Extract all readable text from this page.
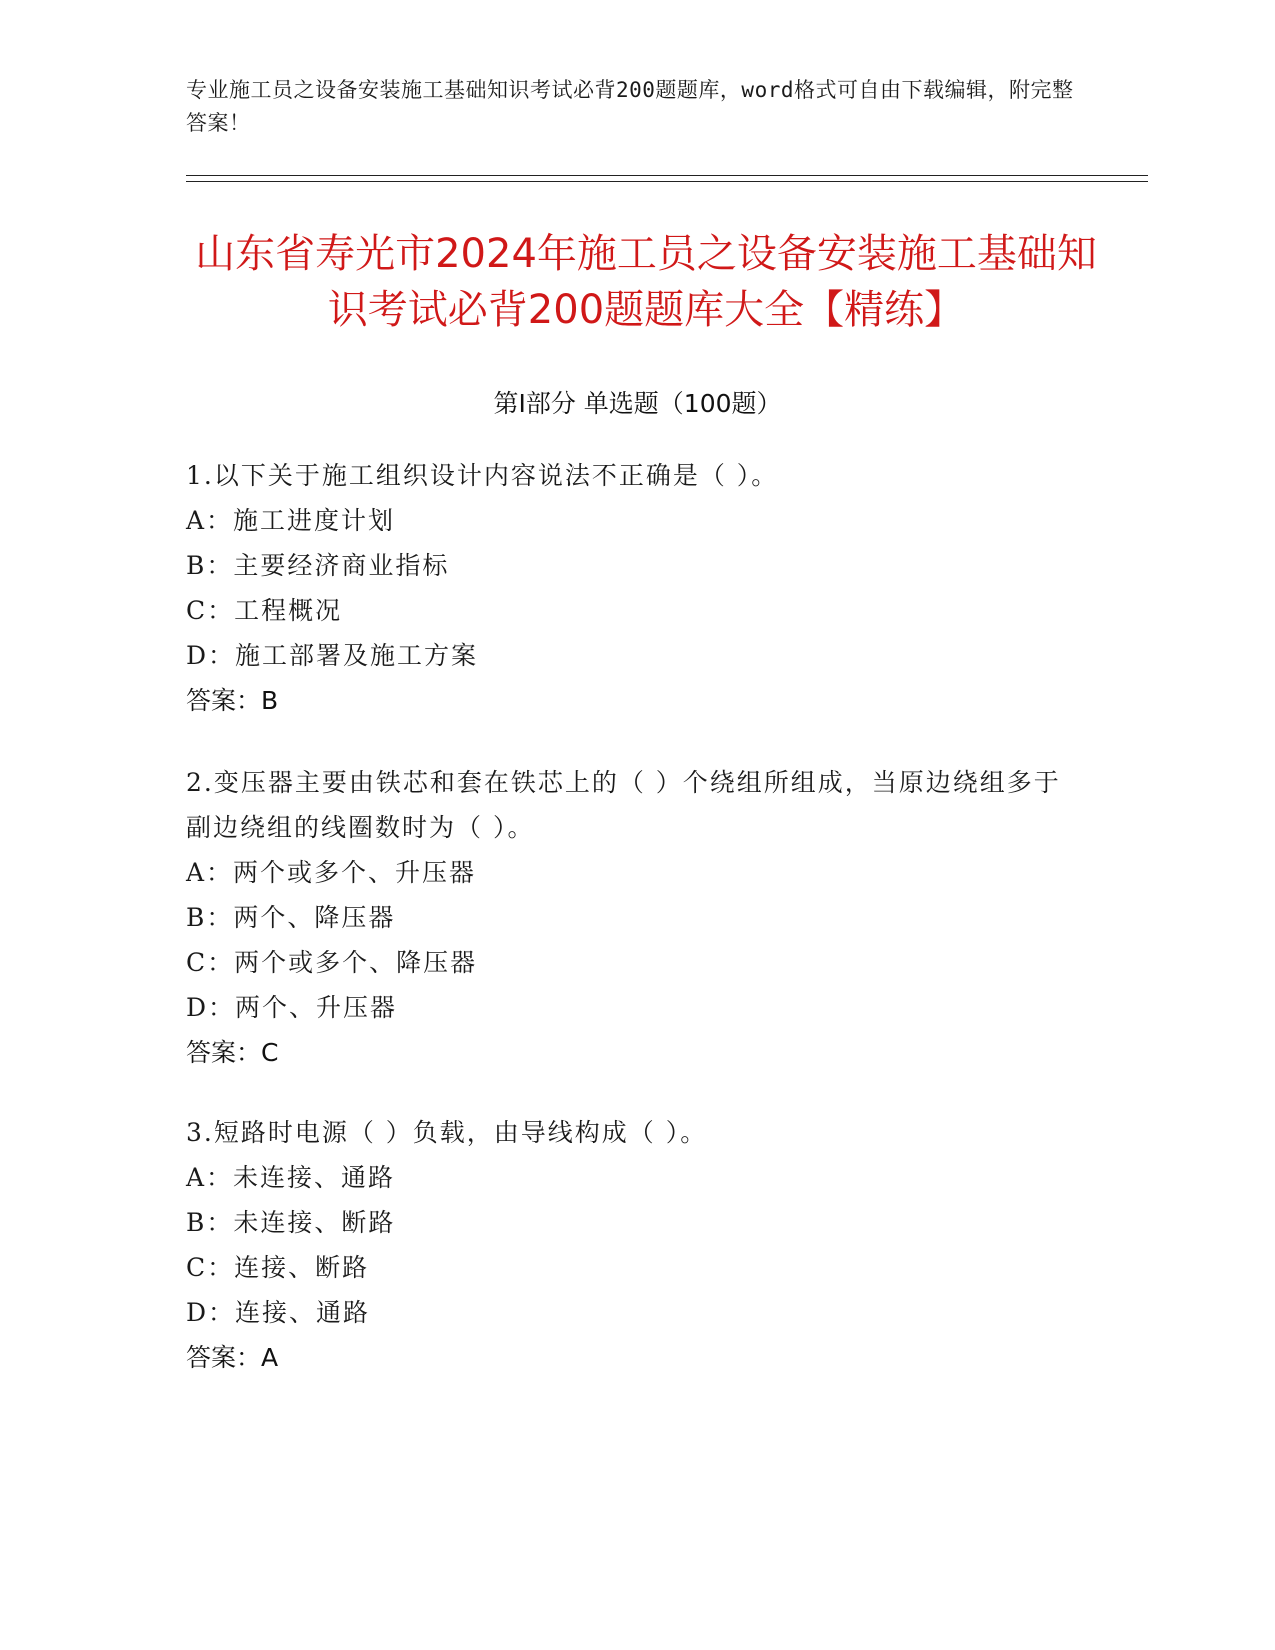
专业施工员之设备安装施工基础知识考试必背200题题库，word格式可自由下载编辑，附完整答案！
山东省寿光市2024年施工员之设备安装施工基础知识考试必背200题题库大全【精练】
第I部分 单选题（100题）
1.以下关于施工组织设计内容说法不正确是（ ）。
A：施工进度计划
B：主要经济商业指标
C：工程概况
D：施工部署及施工方案
答案：B
2.变压器主要由铁芯和套在铁芯上的（ ）个绕组所组成，当原边绕组多于副边绕组的线圈数时为（ ）。
A：两个或多个、升压器
B：两个、降压器
C：两个或多个、降压器
D：两个、升压器
答案：C
3.短路时电源（ ）负载，由导线构成（ ）。
A：未连接、通路
B：未连接、断路
C：连接、断路
D：连接、通路
答案：A
